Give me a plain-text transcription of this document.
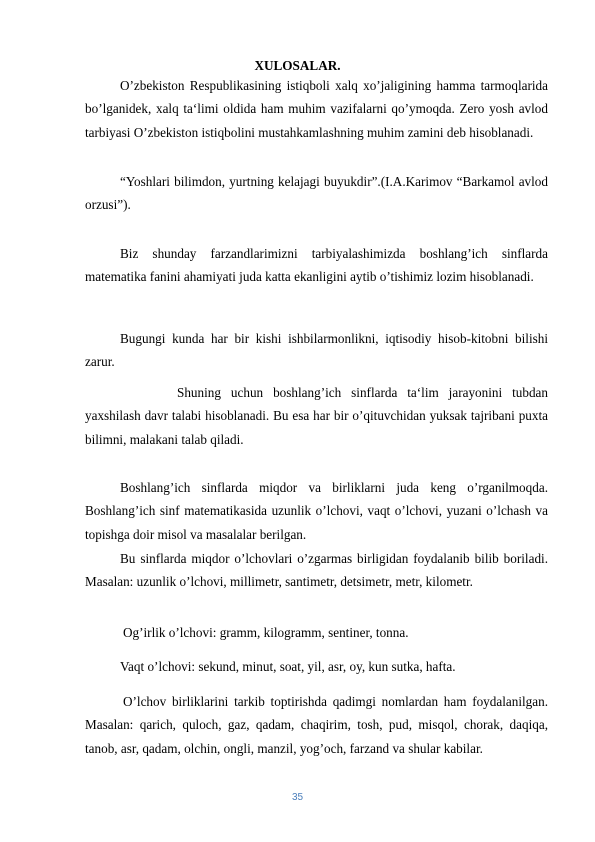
XULOSALAR.

O’zbekiston Respublikasining istiqboli xalq xo’jaligining hamma tarmoqlarida bo’lganidek, xalq ta‘limi oldida ham muhim vazifalarni qo’ymoqda. Zero yosh avlod tarbiyasi O’zbekiston istiqbolini mustahkamlashning muhim zamini deb hisoblanadi.

“Yoshlari bilimdon, yurtning kelajagi buyukdir”.(I.A.Karimov “Barkamol avlod orzusi”).

Biz shunday farzandlarimizni tarbiyalashimizda boshlang’ich sinflarda matematika fanini ahamiyati juda katta ekanligini aytib o’tishimiz lozim hisoblanadi.

Bugungi kunda har bir kishi ishbilarmonlikni, iqtisodiy hisob-kitobni bilishi zarur.

Shuning uchun boshlang’ich sinflarda ta‘lim jarayonini tubdan yaxshilash davr talabi hisoblanadi. Bu esa har bir o’qituvchidan yuksak tajribani puxta bilimni, malakani talab qiladi.

Boshlang’ich sinflarda miqdor va birliklarni juda keng o’rganilmoqda. Boshlang’ich sinf matematikasida uzunlik o’lchovi, vaqt o’lchovi, yuzani o’lchash va topishga doir misol va masalalar berilgan.

Bu sinflarda miqdor o’lchovlari o’zgarmas birligidan foydalanib bilib boriladi. Masalan: uzunlik o’lchovi, millimetr, santimetr, detsimetr, metr, kilometr.

Og’irlik o’lchovi: gramm, kilogramm, sentiner, tonna.

Vaqt o’lchovi: sekund, minut, soat, yil, asr, oy, kun sutka, hafta.

O’lchov birliklarini tarkib toptirishda qadimgi nomlardan ham foydalanilgan. Masalan: qarich, quloch, gaz, qadam, chaqirim, tosh, pud, misqol, chorak, daqiqa, tanob, asr, qadam, olchin, ongli, manzil, yog’och, farzand va shular kabilar.

35
